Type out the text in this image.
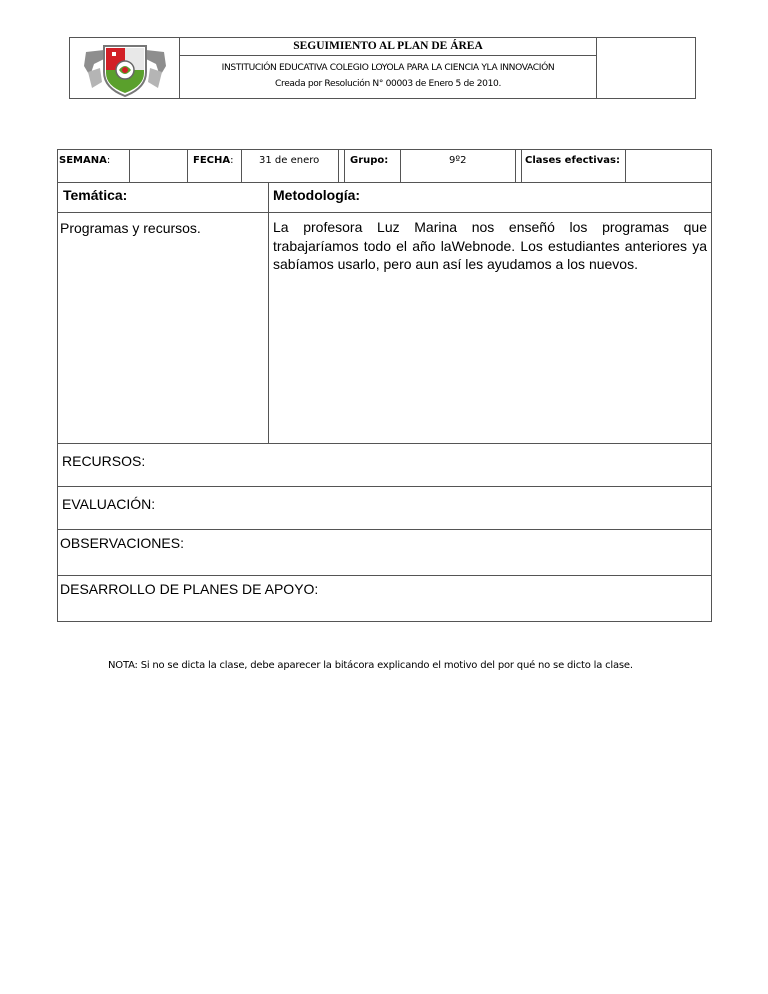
SEGUIMIENTO AL PLAN DE ÁREA
INSTITUCIÓN EDUCATIVA COLEGIO LOYOLA PARA LA CIENCIA YLA INNOVACIÓN
Creada por Resolución N° 00003 de Enero 5 de 2010.
SEMANA:	FECHA:	31 de enero	Grupo:	9º2	Clases efectivas:
Temática:	Metodología:
Programas y recursos.	La profesora Luz Marina nos enseñó los programas que trabajaríamos todo el año laWebnode. Los estudiantes anteriores ya sabíamos usarlo, pero aun así les ayudamos a los nuevos.
RECURSOS:
EVALUACIÓN:
OBSERVACIONES:
DESARROLLO DE PLANES DE APOYO:
NOTA: Si no se dicta la clase, debe aparecer la bitácora explicando el motivo del por qué no se dicto la clase.
